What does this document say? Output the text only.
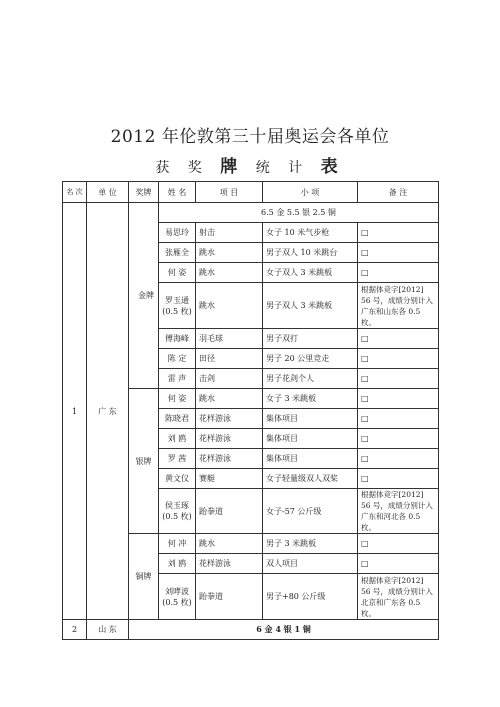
2012 年伦敦第三十届奥运会各单位
获 奖 牌 统 计 表
名 次	单 位	奖牌	姓 名	项 目	小 项	备 注
1	广 东		6.5 金 5.5 银 2.5 铜			
			易思玲	射击	女子 10 米气步枪	□
			张雁全	跳水	男子双人 10 米跳台	□
			何 姿	跳水	女子双人 3 米跳板	□

			罗玉通
(0.5 枚)	跳水	男子双人 3 米跳板	根据体竞字[2012] 56 号，成绩分别计入广东和山东各 0.5 枚。
			傅海峰	羽毛球	男子双打	□
			陈 定	田径	男子 20 公里竞走	□
			雷 声	击剑	男子花剑个人	□
		银牌	何 姿	跳水	女子 3 米跳板	□
			陈晓君	花样游泳	集体项目	□
			刘 鸥	花样游泳	集体项目	□
			罗 茜	花样游泳	集体项目	□
			黄文仪	赛艇	女子轻量级双人双桨	□

			侯玉琢
(0.5 枚)	跆拳道	女子-57 公斤级	根据体竞字[2012] 56 号，成绩分别计入广东和河北各 0.5 枚。
		铜牌	何 冲	跳水	男子 3 米跳板	□
			刘 鸥	花样游泳	双人项目	□

			刘哮波
(0.5 枚)	跆拳道	男子+80 公斤级	根据体竞字[2012] 56 号，成绩分别计入北京和广东各 0.5 枚。
2	山 东	6 金 4 银 1 铜				
金牌
